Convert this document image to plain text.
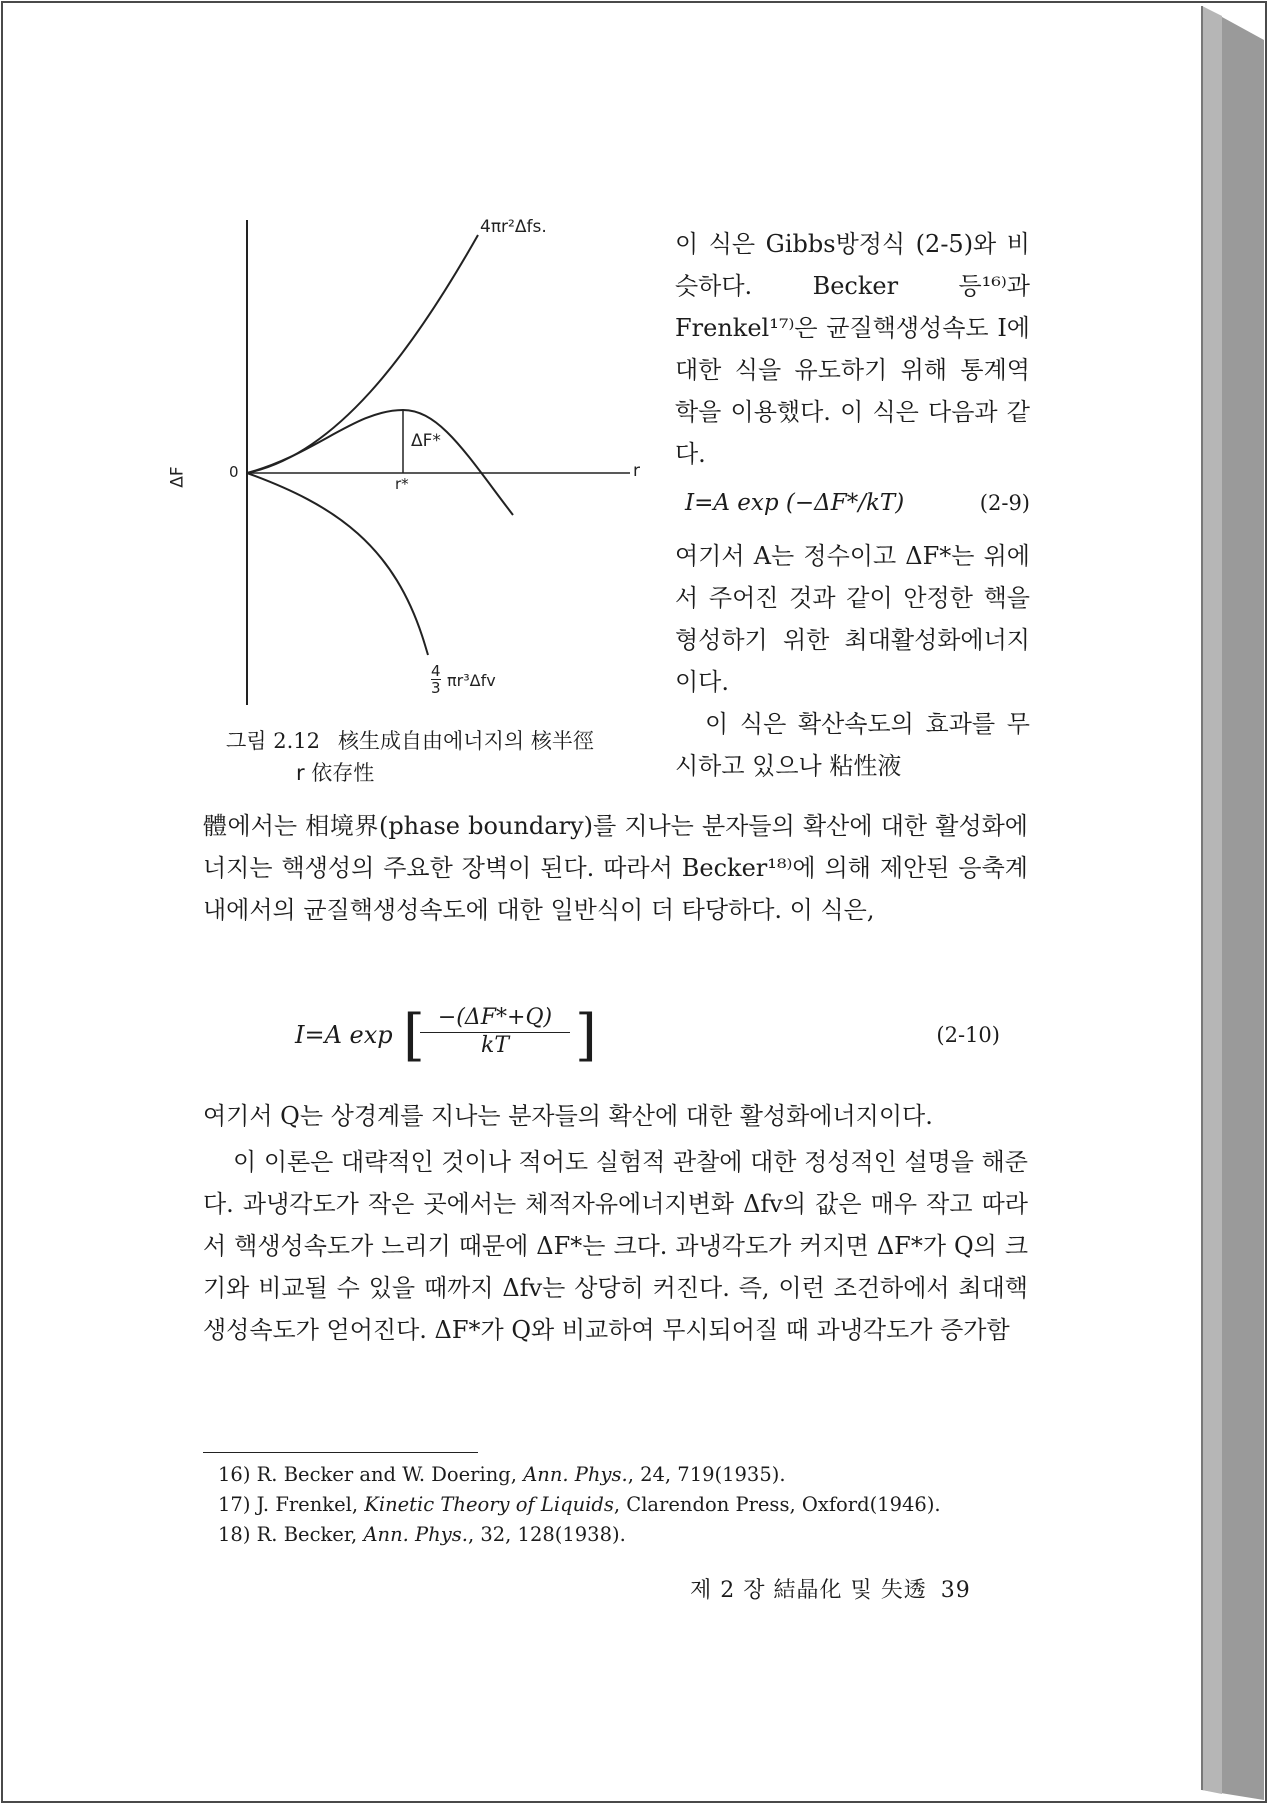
4πr²Δfs.
ΔF*
r*
0	r
ΔF
$\frac{4}{3} \pi r^3\Delta fv$
그림 2.12 核生成自由에너지의 核半徑
r 依存性

이 식은 Gibbs방정식 (2-5)와 비슷하다. Becker 등¹⁶⁾과 Frenkel¹⁷⁾은 균질핵생성속도 I에 대한 식을 유도하기 위해 통계역학을 이용했다. 이 식은 다음과 같다.

I=A exp (−ΔF*/kT)	(2-9)

여기서 A는 정수이고 ΔF*는 위에서 주어진 것과 같이 안정한 핵을 형성하기 위한 최대활성화에너지이다.

이 식은 확산속도의 효과를 무시하고 있으나 粘性液

體에서는 相境界(phase boundary)를 지나는 분자들의 확산에 대한 활성화에너지는 핵생성의 주요한 장벽이 된다. 따라서 Becker¹⁸⁾에 의해 제안된 응축계내에서의 균질핵생성속도에 대한 일반식이 더 타당하다. 이 식은,

I=A exp [
$\frac{-(\Delta F*+Q)}{kT}$ ]	(2-10)

여기서 Q는 상경계를 지나는 분자들의 확산에 대한 활성화에너지이다.

이 이론은 대략적인 것이나 적어도 실험적 관찰에 대한 정성적인 설명을 해준다. 과냉각도가 작은 곳에서는 체적자유에너지변화 Δfv의 값은 매우 작고 따라서 핵생성속도가 느리기 때문에 ΔF*는 크다. 과냉각도가 커지면 ΔF*가 Q의 크기와 비교될 수 있을 때까지 Δfv는 상당히 커진다. 즉, 이런 조건하에서 최대핵생성속도가 얻어진다. ΔF*가 Q와 비교하여 무시되어질 때 과냉각도가 증가함

16) R. Becker and W. Doering, Ann. Phys., 24, 719(1935).
17) J. Frenkel, Kinetic Theory of Liquids, Clarendon Press, Oxford(1946).
18) R. Becker, Ann. Phys., 32, 128(1938).
제 2 장 結晶化 및 失透 39
